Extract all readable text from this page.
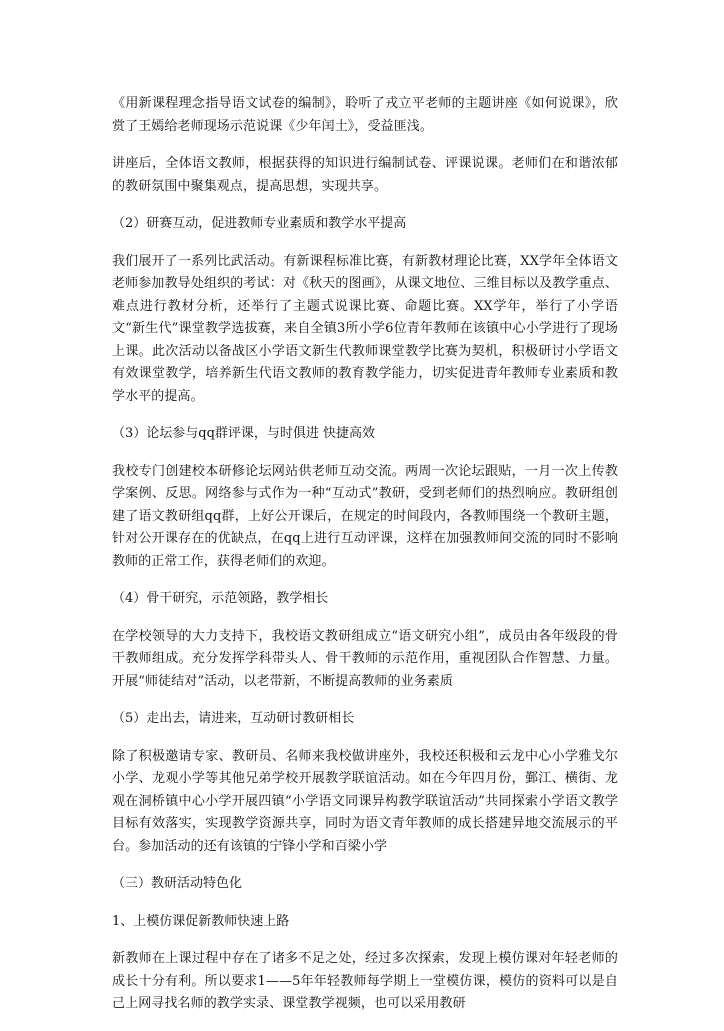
《用新课程理念指导语文试卷的编制》，聆听了戎立平老师的主题讲座《如何说课》，欣赏了王嫣给老师现场示范说课《少年闰土》，受益匪浅。

讲座后，全体语文教师，根据获得的知识进行编制试卷、评课说课。老师们在和谐浓郁的教研氛围中聚集观点，提高思想，实现共享。

（2）研赛互动，促进教师专业素质和教学水平提高

我们展开了一系列比武活动。有新课程标准比赛，有新教材理论比赛，XX学年全体语文老师参加教导处组织的考试：对《秋天的图画》，从课文地位、三维目标以及教学重点、难点进行教材分析，还举行了主题式说课比赛、命题比赛。XX学年，举行了小学语文“新生代”课堂教学选拔赛，来自全镇3所小学6位青年教师在该镇中心小学进行了现场上课。此次活动以备战区小学语文新生代教师课堂教学比赛为契机，积极研讨小学语文有效课堂教学，培养新生代语文教师的教育教学能力，切实促进青年教师专业素质和教学水平的提高。

（3）论坛参与qq群评课，与时俱进 快捷高效

我校专门创建校本研修论坛网站供老师互动交流。两周一次论坛跟贴，一月一次上传教学案例、反思。网络参与式作为一种“互动式”教研，受到老师们的热烈响应。教研组创建了语文教研组qq群，上好公开课后，在规定的时间段内，各教师围绕一个教研主题，针对公开课存在的优缺点，在qq上进行互动评课，这样在加强教师间交流的同时不影响教师的正常工作，获得老师们的欢迎。

（4）骨干研究，示范领路，教学相长

在学校领导的大力支持下，我校语文教研组成立“语文研究小组”，成员由各年级段的骨干教师组成。充分发挥学科带头人、骨干教师的示范作用，重视团队合作智慧、力量。开展“师徒结对”活动，以老带新，不断提高教师的业务素质

（5）走出去，请进来，互动研讨教研相长

除了积极邀请专家、教研员、名师来我校做讲座外，我校还积极和云龙中心小学雅戈尔小学、龙观小学等其他兄弟学校开展教学联谊活动。如在今年四月份，鄞江、横街、龙观在洞桥镇中心小学开展四镇“小学语文同课异构教学联谊活动”共同探索小学语文教学目标有效落实，实现教学资源共享，同时为语文青年教师的成长搭建异地交流展示的平台。参加活动的还有该镇的宁锋小学和百梁小学

（三）教研活动特色化

1、上模仿课促新教师快速上路

新教师在上课过程中存在了诸多不足之处，经过多次探索，发现上模仿课对年轻老师的成长十分有利。所以要求1——5年年轻教师每学期上一堂模仿课，模仿的资料可以是自己上网寻找名师的教学实录、课堂教学视频，也可以采用教研
